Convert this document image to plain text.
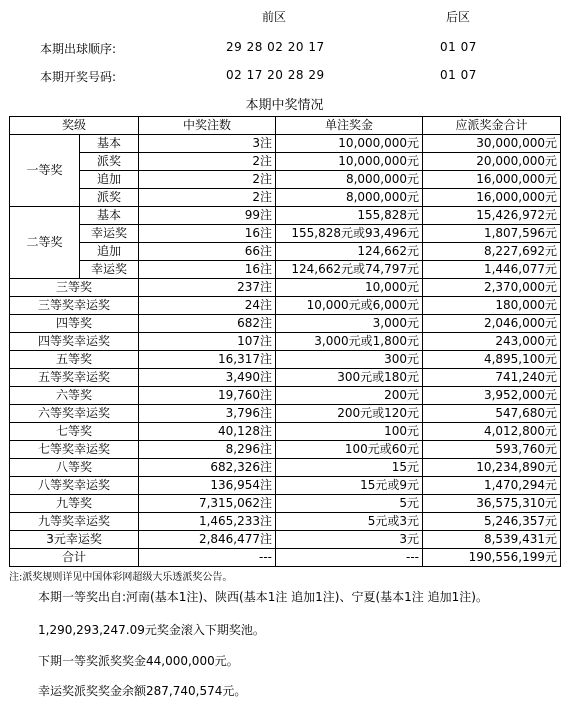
前区	后区
本期出球顺序:	29 28 02 20 17	01 07
本期开奖号码:	02 17 20 28 29	01 07
本期中奖情况
奖级		中奖注数	单注奖金	应派奖金合计
一等奖	基本	3注	10,000,000元	30,000,000元
	派奖	2注	10,000,000元	20,000,000元
	追加	2注	8,000,000元	16,000,000元
	派奖	2注	8,000,000元	16,000,000元
二等奖	基本	99注	155,828元	15,426,972元
	幸运奖	16注	155,828元或93,496元	1,807,596元
	追加	66注	124,662元	8,227,692元
	幸运奖	16注	124,662元或74,797元	1,446,077元
三等奖		237注	10,000元	2,370,000元
三等奖幸运奖		24注	10,000元或6,000元	180,000元
四等奖		682注	3,000元	2,046,000元
四等奖幸运奖		107注	3,000元或1,800元	243,000元
五等奖		16,317注	300元	4,895,100元
五等奖幸运奖		3,490注	300元或180元	741,240元
六等奖		19,760注	200元	3,952,000元
六等奖幸运奖		3,796注	200元或120元	547,680元
七等奖		40,128注	100元	4,012,800元
七等奖幸运奖		8,296注	100元或60元	593,760元
八等奖		682,326注	15元	10,234,890元
八等奖幸运奖		136,954注	15元或9元	1,470,294元
九等奖		7,315,062注	5元	36,575,310元
九等奖幸运奖		1,465,233注	5元或3元	5,246,357元
3元幸运奖		2,846,477注	3元	8,539,431元
合计		---	---	190,556,199元
注:派奖规则详见中国体彩网超级大乐透派奖公告。
本期一等奖出自:河南(基本1注)、陕西(基本1注 追加1注)、宁夏(基本1注 追加1注)。
1,290,293,247.09元奖金滚入下期奖池。
下期一等奖派奖奖金44,000,000元。
幸运奖派奖奖金余额287,740,574元。
